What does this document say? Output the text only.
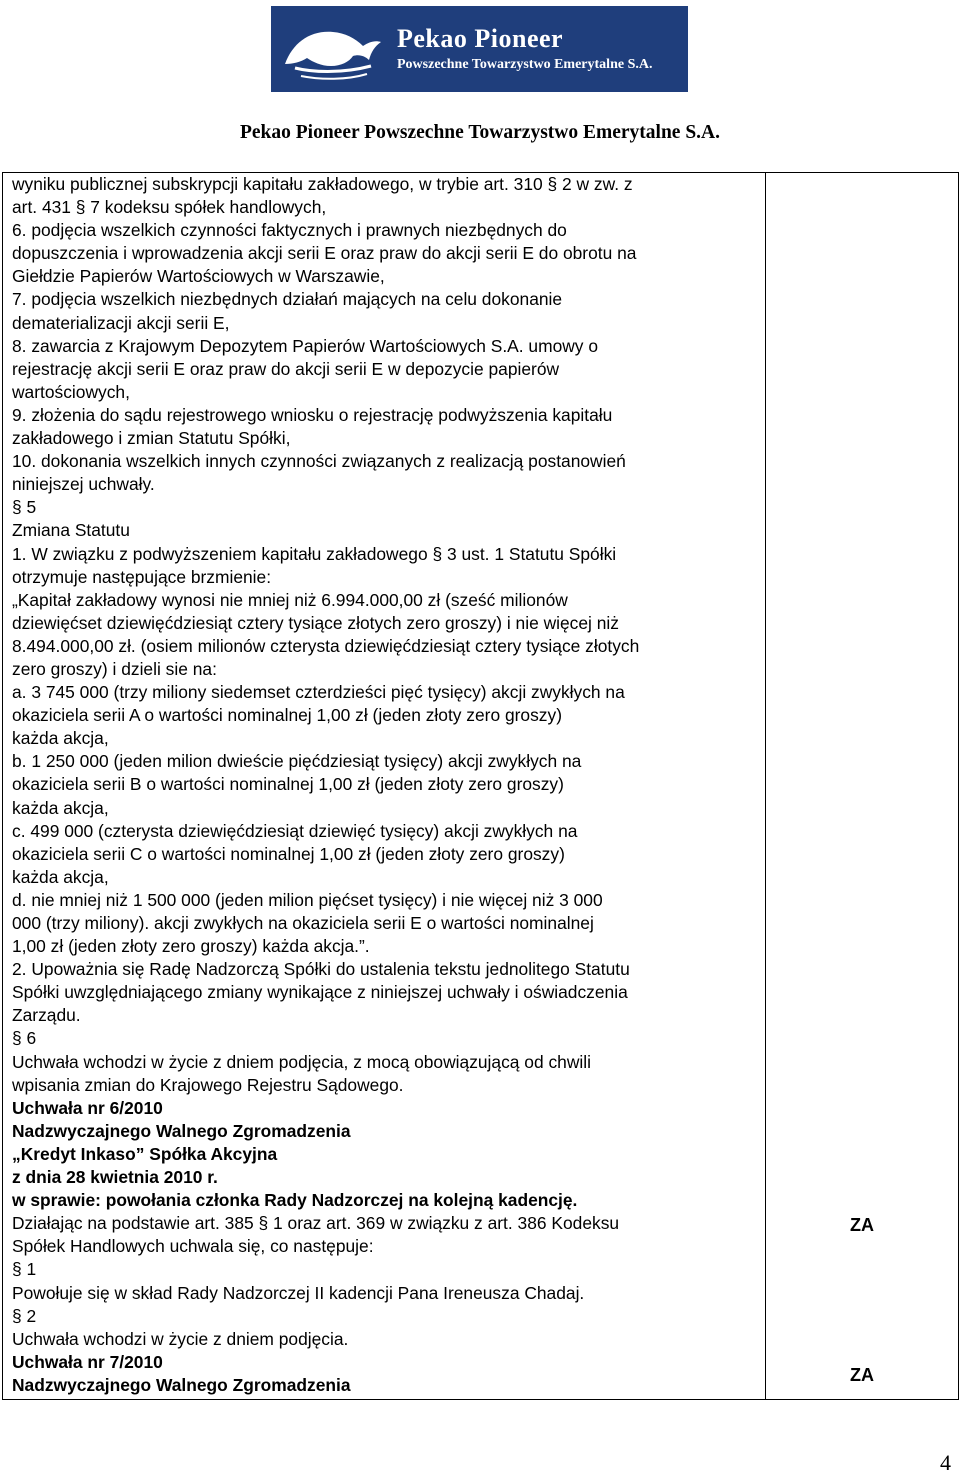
Pekao Pioneer
Powszechne Towarzystwo Emerytalne S.A.
Pekao Pioneer Powszechne Towarzystwo Emerytalne S.A.

wyniku publicznej subskrypcji kapitału zakładowego, w trybie art. 310 § 2 w zw. z

art. 431 § 7 kodeksu spółek handlowych,

6. podjęcia wszelkich czynności faktycznych i prawnych niezbędnych do

dopuszczenia i wprowadzenia akcji serii E oraz praw do akcji serii E do obrotu na

Giełdzie Papierów Wartościowych w Warszawie,

7. podjęcia wszelkich niezbędnych działań mających na celu dokonanie

dematerializacji akcji serii E,

8. zawarcia z Krajowym Depozytem Papierów Wartościowych S.A. umowy o

rejestrację akcji serii E oraz praw do akcji serii E w depozycie papierów

wartościowych,

9. złożenia do sądu rejestrowego wniosku o rejestrację podwyższenia kapitału

zakładowego i zmian Statutu Spółki,

10. dokonania wszelkich innych czynności związanych z realizacją postanowień

niniejszej uchwały.

§ 5

Zmiana Statutu

1. W związku z podwyższeniem kapitału zakładowego § 3 ust. 1 Statutu Spółki

otrzymuje następujące brzmienie:

„Kapitał zakładowy wynosi nie mniej niż 6.994.000,00 zł (sześć milionów

dziewięćset dziewięćdziesiąt cztery tysiące złotych zero groszy) i nie więcej niż

8.494.000,00 zł. (osiem milionów czterysta dziewięćdziesiąt cztery tysiące złotych

zero groszy) i dzieli sie na:

a. 3 745 000 (trzy miliony siedemset czterdzieści pięć tysięcy) akcji zwykłych na

okaziciela serii A o wartości nominalnej 1,00 zł (jeden złoty zero groszy)

każda akcja,

b. 1 250 000 (jeden milion dwieście pięćdziesiąt tysięcy) akcji zwykłych na

okaziciela serii B o wartości nominalnej 1,00 zł (jeden złoty zero groszy)

każda akcja,

c. 499 000 (czterysta dziewięćdziesiąt dziewięć tysięcy) akcji zwykłych na

okaziciela serii C o wartości nominalnej 1,00 zł (jeden złoty zero groszy)

każda akcja,

d. nie mniej niż 1 500 000 (jeden milion pięćset tysięcy) i nie więcej niż 3 000

000 (trzy miliony). akcji zwykłych na okaziciela serii E o wartości nominalnej

1,00 zł (jeden złoty zero groszy) każda akcja.”.

2. Upoważnia się Radę Nadzorczą Spółki do ustalenia tekstu jednolitego Statutu

Spółki uwzględniającego zmiany wynikające z niniejszej uchwały i oświadczenia

Zarządu.

§ 6

Uchwała wchodzi w życie z dniem podjęcia, z mocą obowiązującą od chwili

wpisania zmian do Krajowego Rejestru Sądowego.

Uchwała nr 6/2010

Nadzwyczajnego Walnego Zgromadzenia

„Kredyt Inkaso” Spółka Akcyjna

z dnia 28 kwietnia 2010 r.

w sprawie: powołania członka Rady Nadzorczej na kolejną kadencję.

Działając na podstawie art. 385 § 1 oraz art. 369 w związku z art. 386 Kodeksu

Spółek Handlowych uchwala się, co następuje:

§ 1

Powołuje się w skład Rady Nadzorczej II kadencji Pana Ireneusza Chadaj.

§ 2

Uchwała wchodzi w życie z dniem podjęcia.

Uchwała nr 7/2010

Nadzwyczajnego Walnego Zgromadzenia

ZA
ZA
4
